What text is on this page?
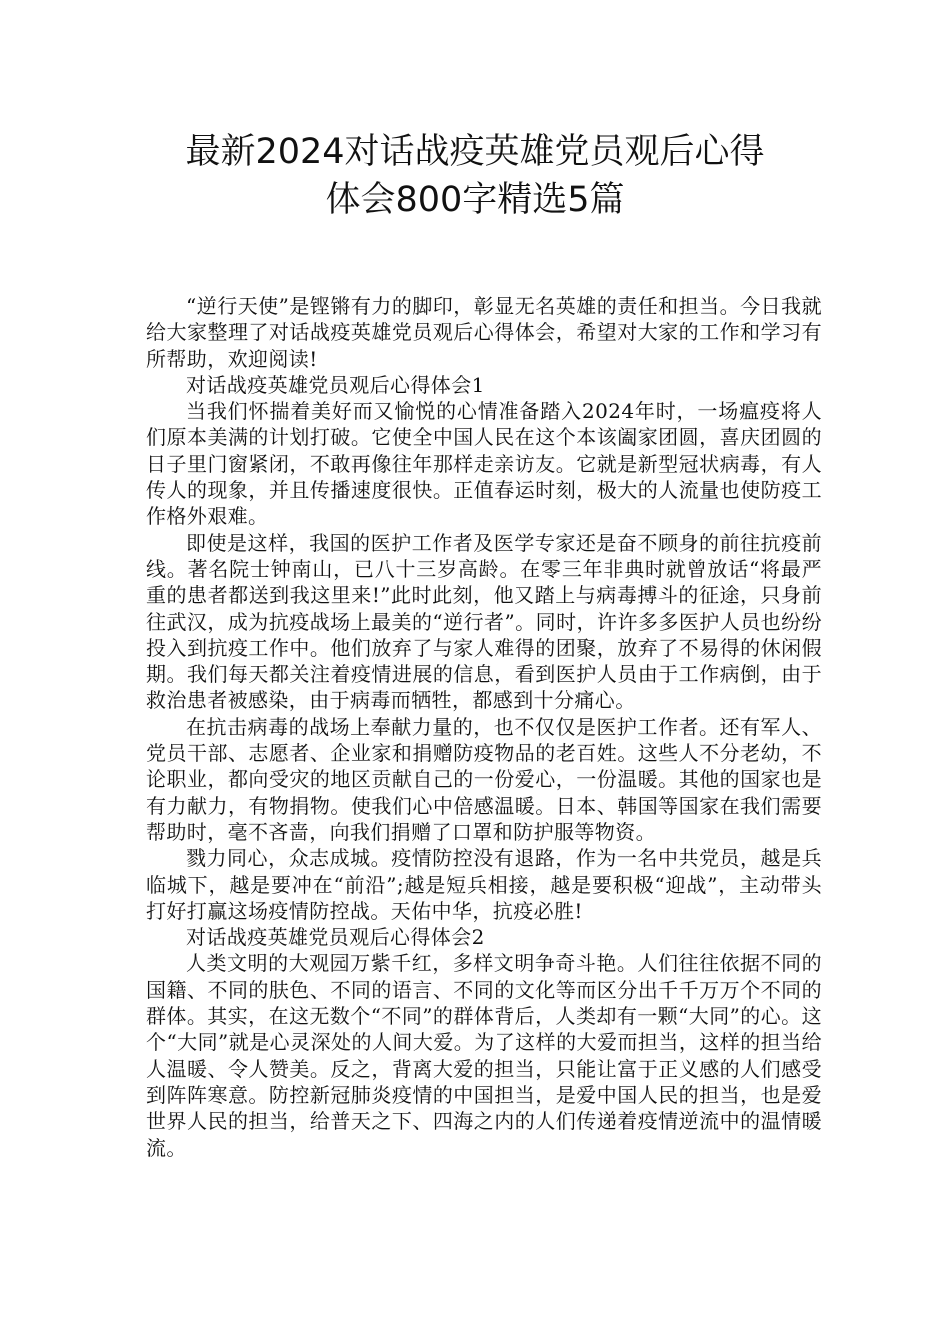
最新2024对话战疫英雄党员观后心得
体会800字精选5篇

“逆行天使”是铿锵有力的脚印，彰显无名英雄的责任和担当。今日我就给大家整理了对话战疫英雄党员观后心得体会，希望对大家的工作和学习有所帮助，欢迎阅读!

对话战疫英雄党员观后心得体会1

当我们怀揣着美好而又愉悦的心情准备踏入2024年时，一场瘟疫将人们原本美满的计划打破。它使全中国人民在这个本该阖家团圆，喜庆团圆的日子里门窗紧闭，不敢再像往年那样走亲访友。它就是新型冠状病毒，有人传人的现象，并且传播速度很快。正值春运时刻，极大的人流量也使防疫工作格外艰难。

即使是这样，我国的医护工作者及医学专家还是奋不顾身的前往抗疫前线。著名院士钟南山，已八十三岁高龄。在零三年非典时就曾放话“将最严重的患者都送到我这里来!”此时此刻，他又踏上与病毒搏斗的征途，只身前往武汉，成为抗疫战场上最美的“逆行者”。同时，许许多多医护人员也纷纷投入到抗疫工作中。他们放弃了与家人难得的团聚，放弃了不易得的休闲假期。我们每天都关注着疫情进展的信息，看到医护人员由于工作病倒，由于救治患者被感染，由于病毒而牺牲，都感到十分痛心。

在抗击病毒的战场上奉献力量的，也不仅仅是医护工作者。还有军人、党员干部、志愿者、企业家和捐赠防疫物品的老百姓。这些人不分老幼，不论职业，都向受灾的地区贡献自己的一份爱心，一份温暖。其他的国家也是有力献力，有物捐物。使我们心中倍感温暖。日本、韩国等国家在我们需要帮助时，毫不吝啬，向我们捐赠了口罩和防护服等物资。

戮力同心，众志成城。疫情防控没有退路，作为一名中共党员，越是兵临城下，越是要冲在“前沿”;越是短兵相接，越是要积极“迎战”，主动带头打好打赢这场疫情防控战。天佑中华，抗疫必胜!

对话战疫英雄党员观后心得体会2

人类文明的大观园万紫千红，多样文明争奇斗艳。人们往往依据不同的国籍、不同的肤色、不同的语言、不同的文化等而区分出千千万万个不同的群体。其实，在这无数个“不同”的群体背后，人类却有一颗“大同”的心。这个“大同”就是心灵深处的人间大爱。为了这样的大爱而担当，这样的担当给人温暖、令人赞美。反之，背离大爱的担当，只能让富于正义感的人们感受到阵阵寒意。防控新冠肺炎疫情的中国担当，是爱中国人民的担当，也是爱世界人民的担当，给普天之下、四海之内的人们传递着疫情逆流中的温情暖流。
